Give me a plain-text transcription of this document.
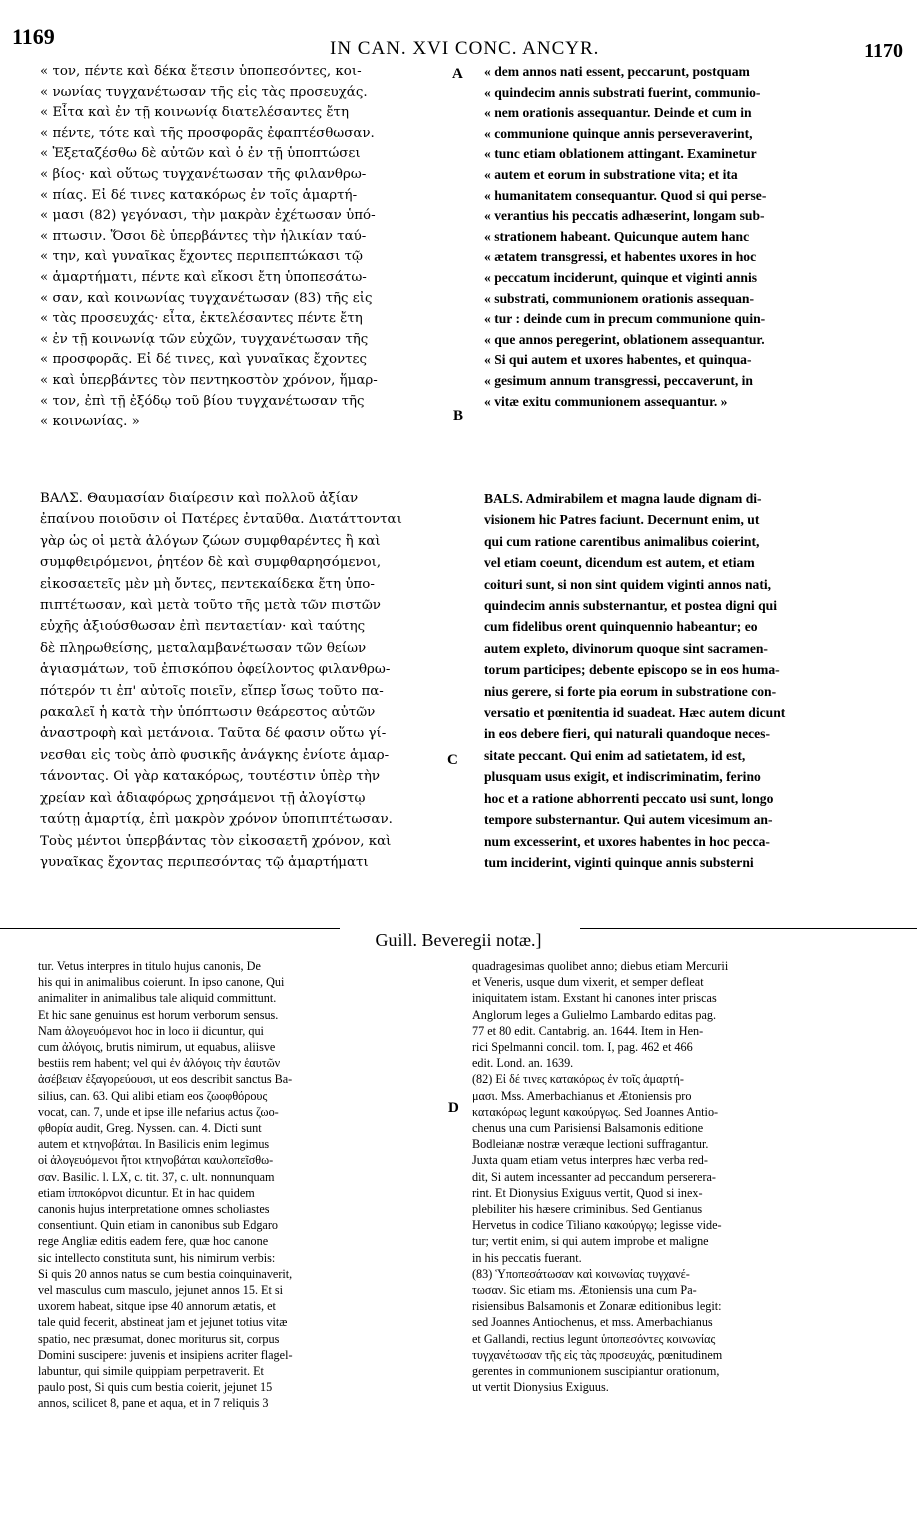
1169	IN CAN. XVI CONC. ANCYR.	1170
« τον, πέντε καὶ δέκα ἔτεσιν ὑποπεσόντες, κοι-
« νωνίας τυγχανέτωσαν τῆς εἰς τὰς προσευχάς.
« Εἶτα καὶ ἐν τῇ κοινωνίᾳ διατελέσαντες ἔτη
« πέντε, τότε καὶ τῆς προσφορᾶς ἐφαπτέσθωσαν.
« Ἐξεταζέσθω δὲ αὐτῶν καὶ ὁ ἐν τῇ ὑποπτώσει
« βίος· καὶ οὕτως τυγχανέτωσαν τῆς φιλανθρω-
« πίας. Εἰ δέ τινες κατακόρως ἐν τοῖς ἁμαρτή-
« μασι (82) γεγόνασι, τὴν μακρὰν ἐχέτωσαν ὑπό-
« πτωσιν. Ὅσοι δὲ ὑπερβάντες τὴν ἡλικίαν ταύ-
« την, καὶ γυναῖκας ἔχοντες περιπεπτώκασι τῷ
« ἁμαρτήματι, πέντε καὶ εἴκοσι ἔτη ὑποπεσάτω-
« σαν, καὶ κοινωνίας τυγχανέτωσαν (83) τῆς εἰς
« τὰς προσευχάς· εἶτα, ἐκτελέσαντες πέντε ἔτη
« ἐν τῇ κοινωνίᾳ τῶν εὐχῶν, τυγχανέτωσαν τῆς
« προσφορᾶς. Εἰ δέ τινες, καὶ γυναῖκας ἔχοντες
« καὶ ὑπερβάντες τὸν πεντηκοστὸν χρόνον, ἥμαρ-
« τον, ἐπὶ τῇ ἐξόδῳ τοῦ βίου τυγχανέτωσαν τῆς
« κοινωνίας. »
« dem annos nati essent, peccarunt, postquam
« quindecim annis substrati fuerint, communio-
« nem orationis assequantur. Deinde et cum in
« communione quinque annis perseveraverint,
« tunc etiam oblationem attingant. Examinetur
« autem et eorum in substratione vita; et ita
« humanitatem consequantur. Quod si qui perse-
« verantius his peccatis adhæserint, longam sub-
« strationem habeant. Quicunque autem hanc
« ætatem transgressi, et habentes uxores in hoc
« peccatum inciderunt, quinque et viginti annis
« substrati, communionem orationis assequan-
« tur : deinde cum in precum communione quin-
« que annos peregerint, oblationem assequantur.
« Si qui autem et uxores habentes, et quinqua-
« gesimum annum transgressi, peccaverunt, in
« vitæ exitu communionem assequantur. »
A
B
C
D
ΒΑΛΣ. Θαυμασίαν διαίρεσιν καὶ πολλοῦ ἀξίαν
ἐπαίνου ποιοῦσιν οἱ Πατέρες ἐνταῦθα. Διατάττονται
γὰρ ὡς οἱ μετὰ ἀλόγων ζώων συμφθαρέντες ἢ καὶ
συμφθειρόμενοι, ῥητέον δὲ καὶ συμφθαρησόμενοι,
εἰκοσαετεῖς μὲν μὴ ὄντες, πεντεκαίδεκα ἔτη ὑπο-
πιπτέτωσαν, καὶ μετὰ τοῦτο τῆς μετὰ τῶν πιστῶν
εὐχῆς ἀξιούσθωσαν ἐπὶ πενταετίαν· καὶ ταύτης
δὲ πληρωθείσης, μεταλαμβανέτωσαν τῶν θείων
ἁγιασμάτων, τοῦ ἐπισκόπου ὀφείλοντος φιλανθρω-
πότερόν τι ἐπ' αὐτοῖς ποιεῖν, εἴπερ ἴσως τοῦτο πα-
ρακαλεῖ ἡ κατὰ τὴν ὑπόπτωσιν θεάρεστος αὐτῶν
ἀναστροφὴ καὶ μετάνοια. Ταῦτα δέ φασιν οὕτω γί-
νεσθαι εἰς τοὺς ἀπὸ φυσικῆς ἀνάγκης ἐνίοτε ἁμαρ-
τάνοντας. Οἱ γὰρ κατακόρως, τουτέστιν ὑπὲρ τὴν
χρείαν καὶ ἀδιαφόρως χρησάμενοι τῇ ἀλογίστῳ
ταύτῃ ἁμαρτίᾳ, ἐπὶ μακρὸν χρόνον ὑποπιπτέτωσαν.
Τοὺς μέντοι ὑπερβάντας τὸν εἰκοσαετῆ χρόνον, καὶ
γυναῖκας ἔχοντας περιπεσόντας τῷ ἁμαρτήματι
BALS. Admirabilem et magna laude dignam di-
visionem hic Patres faciunt. Decernunt enim, ut
qui cum ratione carentibus animalibus coierint,
vel etiam coeunt, dicendum est autem, et etiam
coituri sunt, si non sint quidem viginti annos nati,
quindecim annis substernantur, et postea digni qui
cum fidelibus orent quinquennio habeantur; eo
autem expleto, divinorum quoque sint sacramen-
torum participes; debente episcopo se in eos huma-
nius gerere, si forte pia eorum in substratione con-
versatio et pœnitentia id suadeat. Hæc autem dicunt
in eos debere fieri, qui naturali quandoque neces-
sitate peccant. Qui enim ad satietatem, id est,
plusquam usus exigit, et indiscriminatim, ferino
hoc et a ratione abhorrenti peccato usi sunt, longo
tempore substernantur. Qui autem vicesimum an-
num excesserint, et uxores habentes in hoc pecca-
tum inciderint, viginti quinque annis substerni
Guill. Beveregii notæ.]
tur. Vetus interpres in titulo hujus canonis, De
his qui in animalibus coierunt. In ipso canone, Qui
animaliter in animalibus tale aliquid committunt.
Et hic sane genuinus est horum verborum sensus.
Nam ἀλογευόμενοι hoc in loco ii dicuntur, qui
cum ἀλόγοις, brutis nimirum, ut equabus, aliisve
bestiis rem habent; vel qui ἐν ἀλόγοις τὴν ἑαυτῶν
ἀσέβειαν ἐξαγορεύουσι, ut eos describit sanctus Ba-
silius, can. 63. Qui alibi etiam eos ζωοφθόρους
vocat, can. 7, unde et ipse ille nefarius actus ζωο-
φθορία audit, Greg. Nyssen. can. 4. Dicti sunt
autem et κτηνοβάται. In Basilicis enim legimus
οἱ ἀλογευόμενοι ἤτοι κτηνοβάται καυλοπεῖσθω-
σαν. Basilic. l. LX, c. tit. 37, c. ult. nonnunquam
etiam ἱπποκόρνοι dicuntur. Et in hac quidem
canonis hujus interpretatione omnes scholiastes
consentiunt. Quin etiam in canonibus sub Edgaro
rege Angliæ editis eadem fere, quæ hoc canone
sic intellecto constituta sunt, his nimirum verbis:
Si quis 20 annos natus se cum bestia coinquinaverit,
vel masculus cum masculo, jejunet annos 15. Et si
uxorem habeat, sitque ipse 40 annorum ætatis, et
tale quid fecerit, abstineat jam et jejunet totius vitæ
spatio, nec præsumat, donec moriturus sit, corpus
Domini suscipere: juvenis et insipiens acriter flagel-
labuntur, qui simile quippiam perpetraverit. Et
paulo post, Si quis cum bestia coierit, jejunet 15
annos, scilicet 8, pane et aqua, et in 7 reliquis 3
quadragesimas quolibet anno; diebus etiam Mercurii
et Veneris, usque dum vixerit, et semper defleat
iniquitatem istam. Exstant hi canones inter priscas
Anglorum leges a Gulielmo Lambardo editas pag.
77 et 80 edit. Cantabrig. an. 1644. Item in Hen-
rici Spelmanni concil. tom. I, pag. 462 et 466
edit. Lond. an. 1639.
(82) Εἰ δέ τινες κατακόρως ἐν τοῖς ἁμαρτή-
μασι. Mss. Amerbachianus et Ætoniensis pro
κατακόρως legunt κακούργως. Sed Joannes Antio-
chenus una cum Parisiensi Balsamonis editione
Bodleianæ nostræ veræque lectioni suffragantur.
Juxta quam etiam vetus interpres hæc verba red-
dit, Si autem incessanter ad peccandum perserera-
rint. Et Dionysius Exiguus vertit, Quod si inex-
plebiliter his hæsere criminibus. Sed Gentianus
Hervetus in codice Tiliano κακούργῳ; legisse vide-
tur; vertit enim, si qui autem improbe et maligne
in his peccatis fuerant.
(83) Ὑποπεσάτωσαν καὶ κοινωνίας τυγχανέ-
τωσαν. Sic etiam ms. Ætoniensis una cum Pa-
risiensibus Balsamonis et Zonaræ editionibus legit:
sed Joannes Antiochenus, et mss. Amerbachianus
et Gallandi, rectius legunt ὑποπεσόντες κοινωνίας
τυγχανέτωσαν τῆς εἰς τὰς προσευχάς, pœnitudinem
gerentes in communionem suscipiantur orationum,
ut vertit Dionysius Exiguus.
